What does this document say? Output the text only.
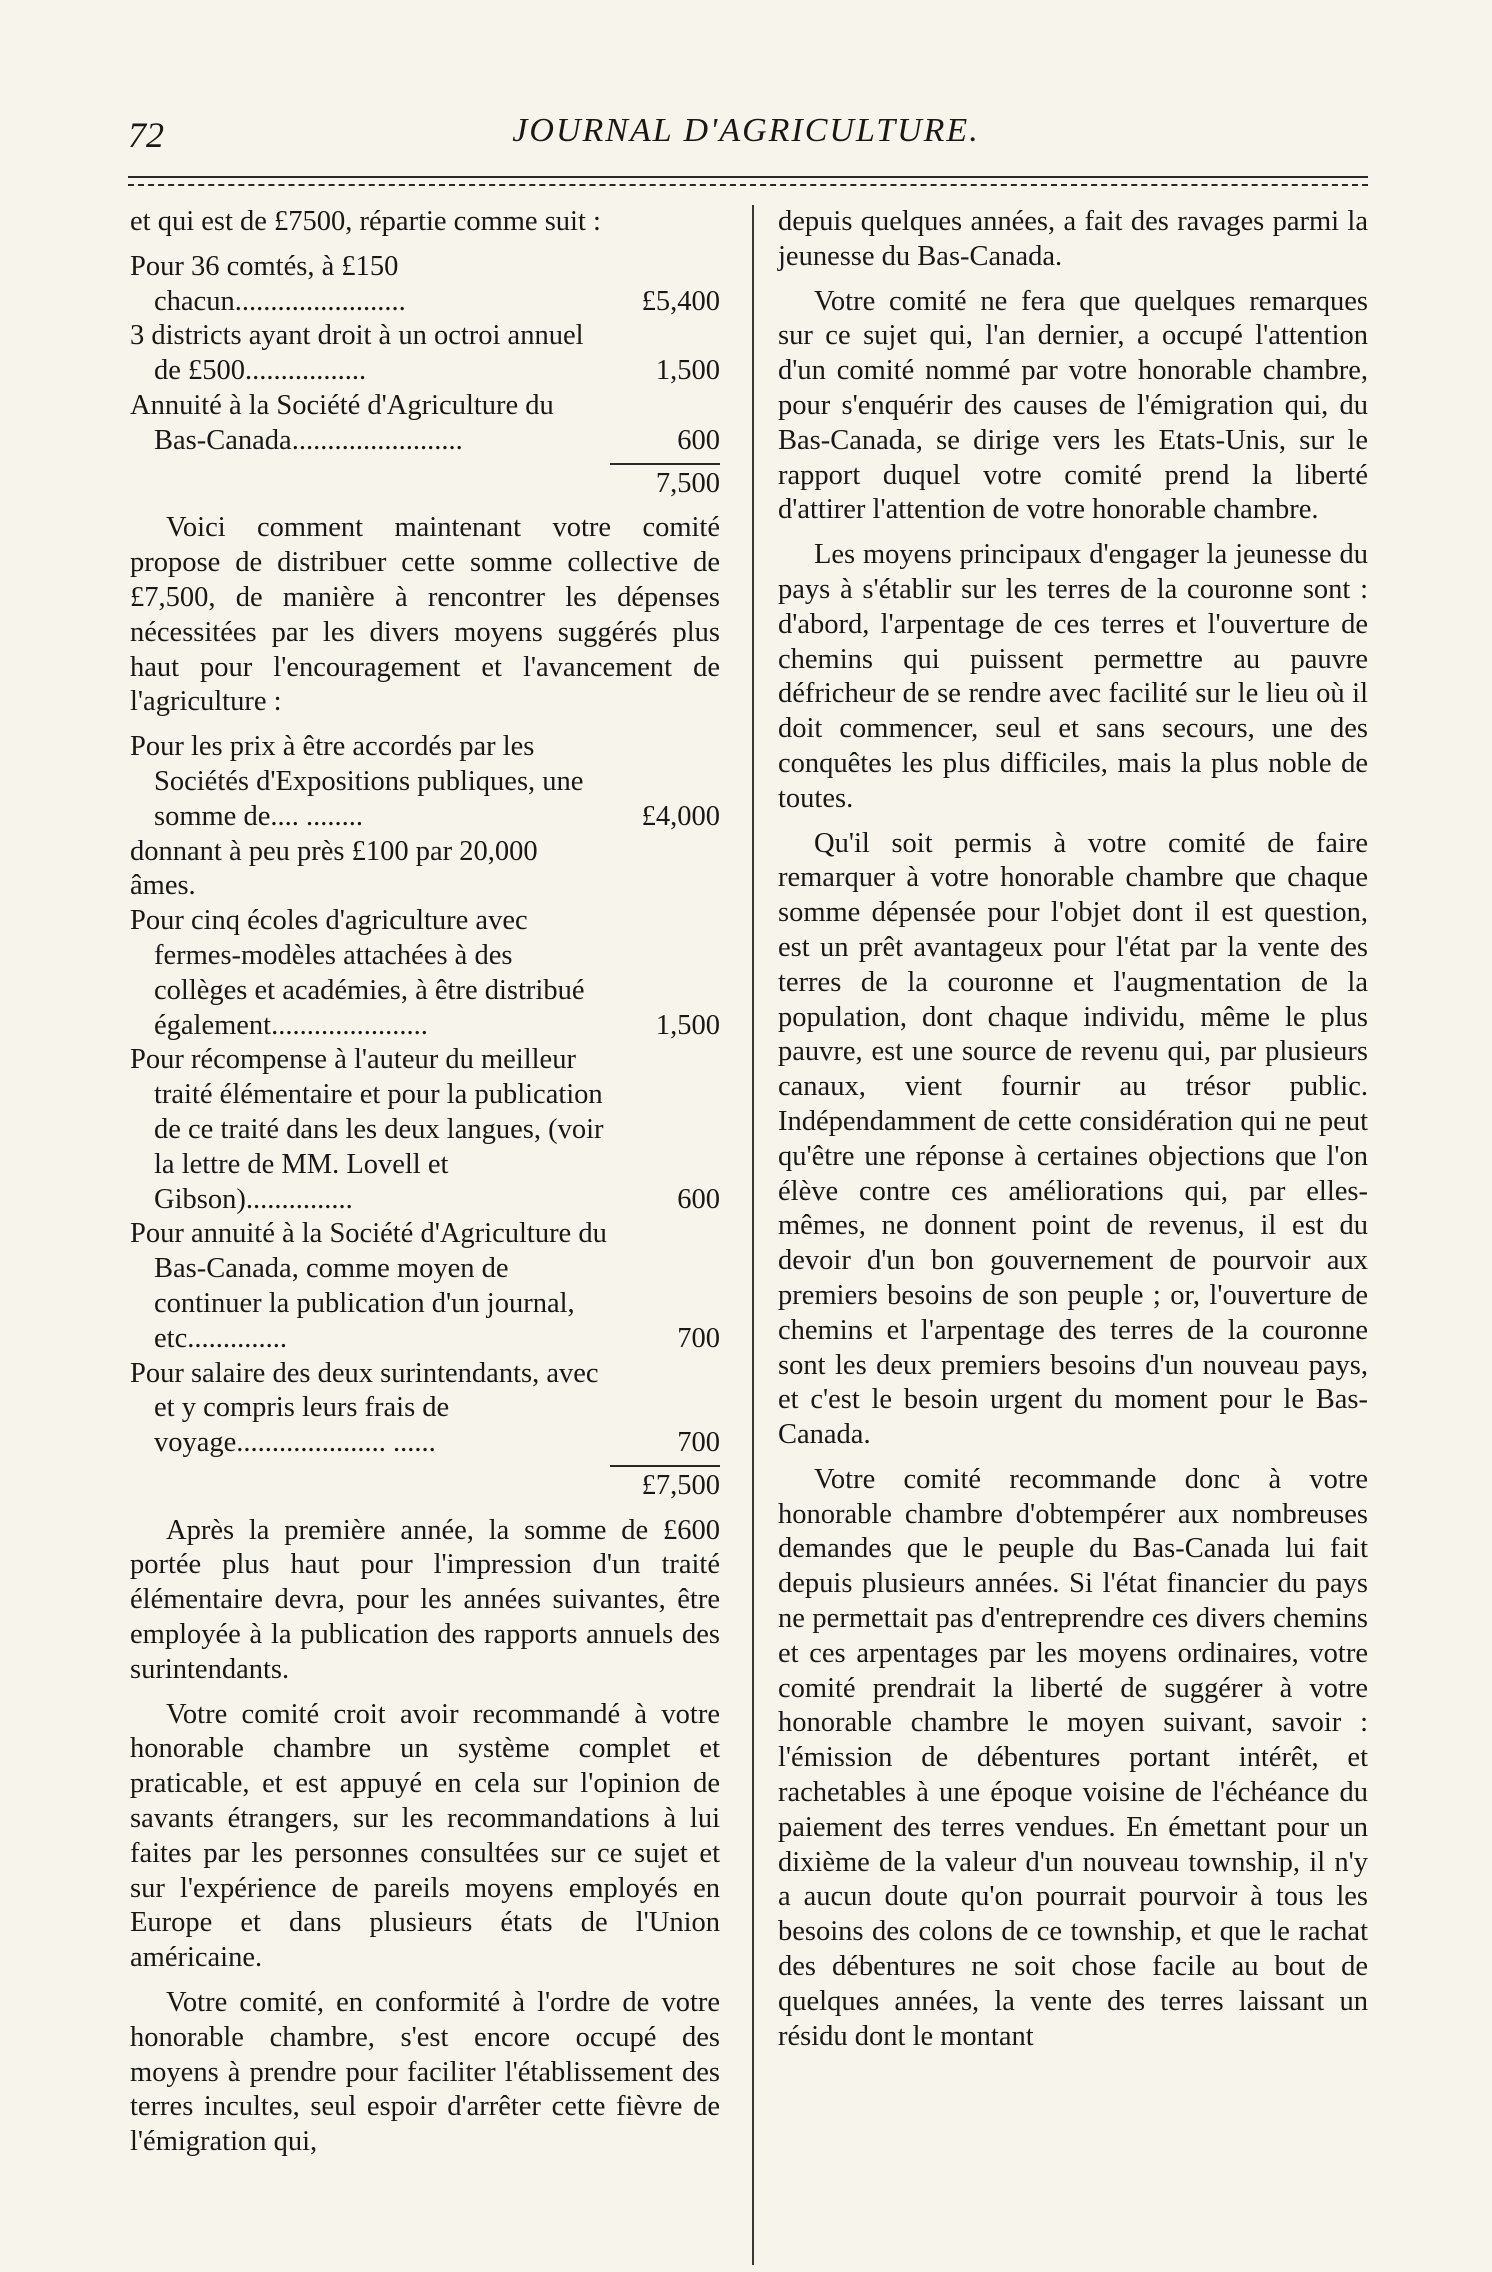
72	JOURNAL D'AGRICULTURE.

et qui est de £7500, répartie comme suit :

Pour 36 comtés, à £150 chacun........................	£5,400
3 districts ayant droit à un octroi annuel de £500.................	1,500
Annuité à la Société d'Agriculture du Bas-Canada........................	600
7,500

Voici comment maintenant votre comité propose de distribuer cette somme collective de £7,500, de manière à rencontrer les dépenses nécessitées par les divers moyens suggérés plus haut pour l'encouragement et l'avancement de l'agriculture :

Pour les prix à être accordés par les Sociétés d'Expositions publiques, une somme de.... ........	£4,000
donnant à peu près £100 par 20,000 âmes.
Pour cinq écoles d'agriculture avec fermes-modèles attachées à des collèges et académies, à être distribué également......................	1,500
Pour récompense à l'auteur du meilleur traité élémentaire et pour la publication de ce traité dans les deux langues, (voir la lettre de MM. Lovell et Gibson)...............	600
Pour annuité à la Société d'Agriculture du Bas-Canada, comme moyen de continuer la publication d'un journal, etc..............	700
Pour salaire des deux surintendants, avec et y compris leurs frais de voyage..................... ......	700
£7,500

Après la première année, la somme de £600 portée plus haut pour l'impression d'un traité élémentaire devra, pour les années suivantes, être employée à la publication des rapports annuels des surintendants.

Votre comité croit avoir recommandé à votre honorable chambre un système complet et praticable, et est appuyé en cela sur l'opinion de savants étrangers, sur les recommandations à lui faites par les personnes consultées sur ce sujet et sur l'expérience de pareils moyens employés en Europe et dans plusieurs états de l'Union américaine.

Votre comité, en conformité à l'ordre de votre honorable chambre, s'est encore occupé des moyens à prendre pour faciliter l'établissement des terres incultes, seul espoir d'arrêter cette fièvre de l'émigration qui,

depuis quelques années, a fait des ravages parmi la jeunesse du Bas-Canada.

Votre comité ne fera que quelques remarques sur ce sujet qui, l'an dernier, a occupé l'attention d'un comité nommé par votre honorable chambre, pour s'enquérir des causes de l'émigration qui, du Bas-Canada, se dirige vers les Etats-Unis, sur le rapport duquel votre comité prend la liberté d'attirer l'attention de votre honorable chambre.

Les moyens principaux d'engager la jeunesse du pays à s'établir sur les terres de la couronne sont : d'abord, l'arpentage de ces terres et l'ouverture de chemins qui puissent permettre au pauvre défricheur de se rendre avec facilité sur le lieu où il doit commencer, seul et sans secours, une des conquêtes les plus difficiles, mais la plus noble de toutes.

Qu'il soit permis à votre comité de faire remarquer à votre honorable chambre que chaque somme dépensée pour l'objet dont il est question, est un prêt avantageux pour l'état par la vente des terres de la couronne et l'augmentation de la population, dont chaque individu, même le plus pauvre, est une source de revenu qui, par plusieurs canaux, vient fournir au trésor public. Indépendamment de cette considération qui ne peut qu'être une réponse à certaines objections que l'on élève contre ces améliorations qui, par elles-mêmes, ne donnent point de revenus, il est du devoir d'un bon gouvernement de pourvoir aux premiers besoins de son peuple ; or, l'ouverture de chemins et l'arpentage des terres de la couronne sont les deux premiers besoins d'un nouveau pays, et c'est le besoin urgent du moment pour le Bas-Canada.

Votre comité recommande donc à votre honorable chambre d'obtempérer aux nombreuses demandes que le peuple du Bas-Canada lui fait depuis plusieurs années. Si l'état financier du pays ne permettait pas d'entreprendre ces divers chemins et ces arpentages par les moyens ordinaires, votre comité prendrait la liberté de suggérer à votre honorable chambre le moyen suivant, savoir : l'émission de débentures portant intérêt, et rachetables à une époque voisine de l'échéance du paiement des terres vendues. En émettant pour un dixième de la valeur d'un nouveau township, il n'y a aucun doute qu'on pourrait pourvoir à tous les besoins des colons de ce township, et que le rachat des débentures ne soit chose facile au bout de quelques années, la vente des terres laissant un résidu dont le montant
